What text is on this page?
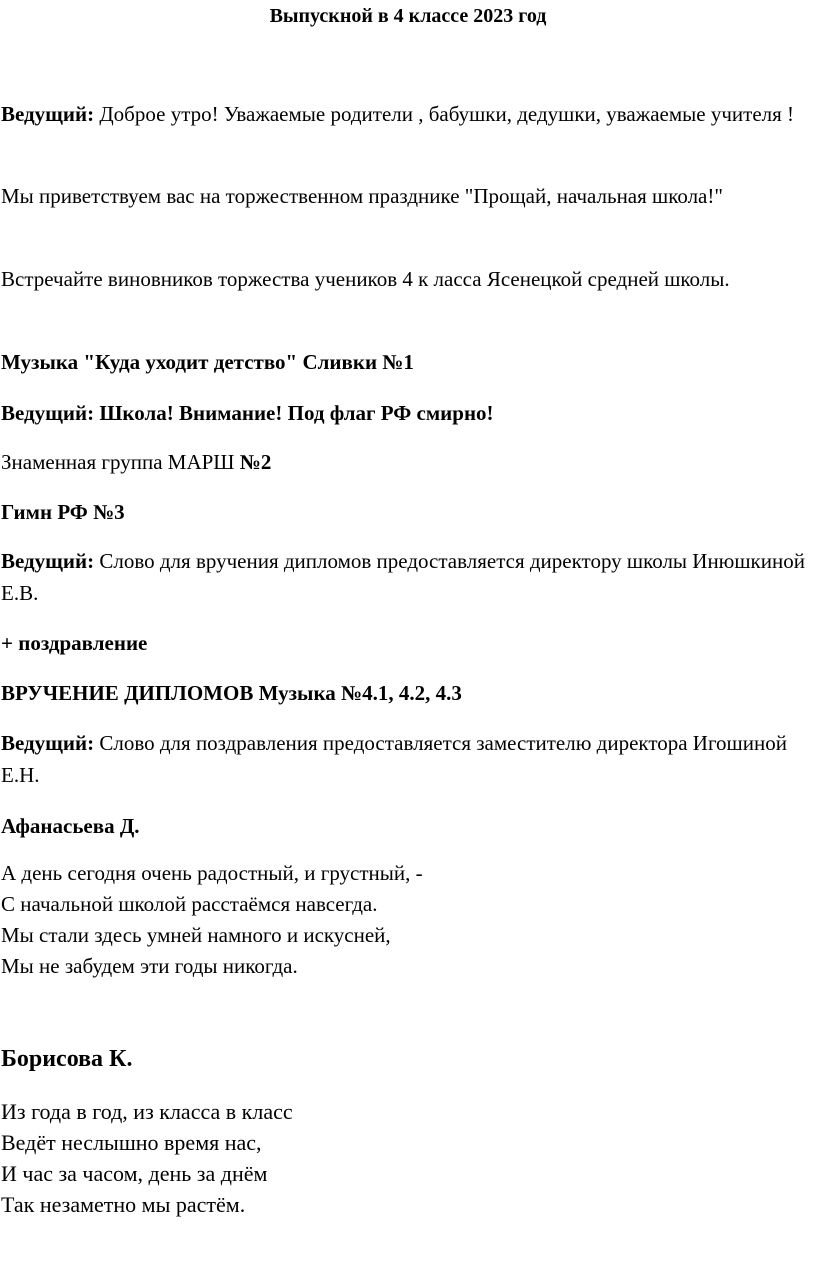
Выпускной в 4 классе 2023 год

Ведущий: Доброе утро! Уважаемые родители , бабушки, дедушки, уважаемые учителя !

Мы приветствуем вас на торжественном празднике "Прощай, начальная школа!"

Встречайте виновников торжества учеников 4 к ласса Ясенецкой средней школы.

Музыка "Куда уходит детство" Сливки №1

Ведущий: Школа! Внимание! Под флаг РФ смирно!

Знаменная группа МАРШ №2

Гимн РФ №3

Ведущий: Слово для вручения дипломов предоставляется директору школы Инюшкиной Е.В.

+ поздравление

ВРУЧЕНИЕ ДИПЛОМОВ Музыка №4.1, 4.2, 4.3

Ведущий: Слово для поздравления предоставляется заместителю директора Игошиной Е.Н.

Афанасьева Д.

А день сегодня очень радостный, и грустный, -
С начальной школой расстаёмся навсегда.
Мы стали здесь умней намного и искусней,
Мы не забудем эти годы никогда.

Борисова К.

Из года в год, из класса в класс
Ведёт неслышно время нас,
И час за часом, день за днём
Так незаметно мы растём.
